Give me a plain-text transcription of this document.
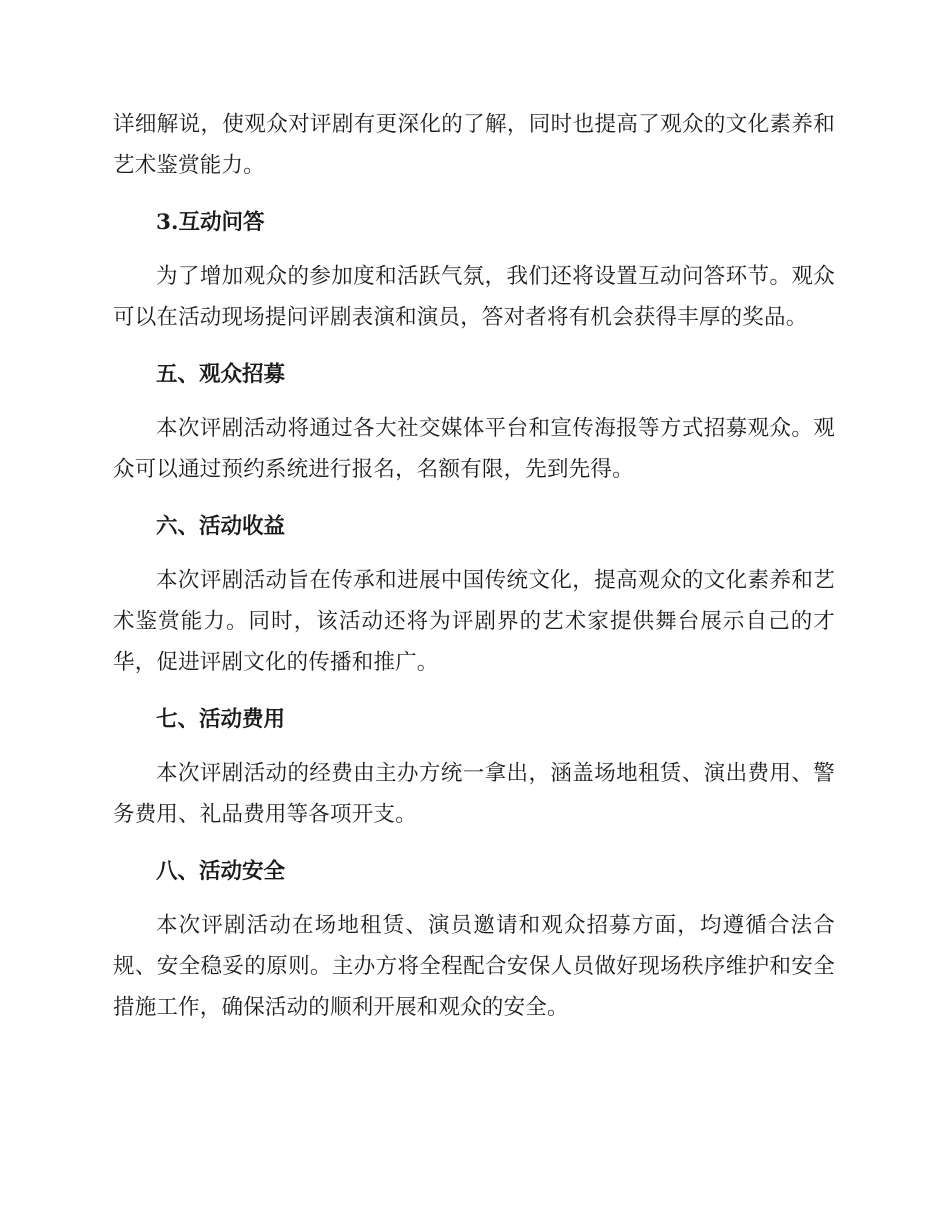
详细解说，使观众对评剧有更深化的了解，同时也提高了观众的文化素养和艺术鉴赏能力。

3.互动问答

为了增加观众的参加度和活跃气氛，我们还将设置互动问答环节。观众可以在活动现场提问评剧表演和演员，答对者将有机会获得丰厚的奖品。

五、观众招募

本次评剧活动将通过各大社交媒体平台和宣传海报等方式招募观众。观众可以通过预约系统进行报名，名额有限，先到先得。

六、活动收益

本次评剧活动旨在传承和进展中国传统文化，提高观众的文化素养和艺术鉴赏能力。同时，该活动还将为评剧界的艺术家提供舞台展示自己的才华，促进评剧文化的传播和推广。

七、活动费用

本次评剧活动的经费由主办方统一拿出，涵盖场地租赁、演出费用、警务费用、礼品费用等各项开支。

八、活动安全

本次评剧活动在场地租赁、演员邀请和观众招募方面，均遵循合法合规、安全稳妥的原则。主办方将全程配合安保人员做好现场秩序维护和安全措施工作，确保活动的顺利开展和观众的安全。
